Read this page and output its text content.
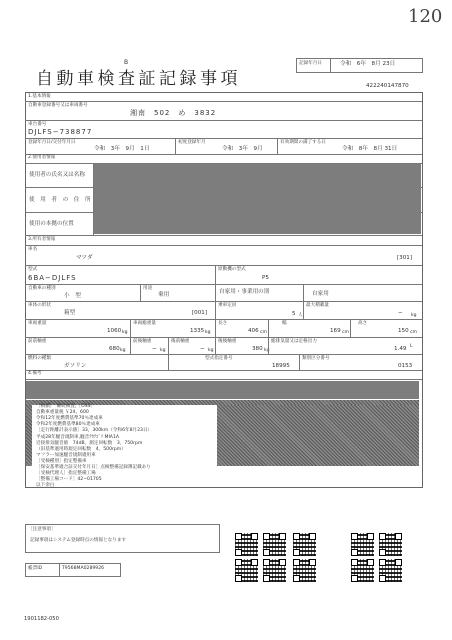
120
B
自動車検査証記録事項
記録年月日	令和　6年　8月 23日
422240147870
1.基本情報
自動車登録番号又は車両番号
湘南　502　め　3832
車台番号
DJLFS−738877
登録年月日/交付年月日
令和　3年　9月　1日
初度登録年月
令和　3年　9月
有効期間の満了する日
令和　8年　8月 31日
2.使用者情報
使用者の氏名又は名称
使　用　者　の　住　所
使用の本拠の位置
3.所有者情報
車名
マツダ	[301]
型式
6BA−DJLFS
原動機の型式
P5
自動車の種別
小　型
用途
乗用	自家用・事業用の別	自家用
車体の形状
箱型	[001]
乗車定員
5 人
最大積載量
− kg
車両重量
1060 kg
車両総重量
1335 kg
長さ
406 cm
幅
169 cm
高さ
150 cm
前前軸重
680 kg
前後軸重
− kg
後前軸重
− kg
後後軸重
380 kg
総排気量又は定格出力
1.49 L
燃料の種類
ガソリン
型式指定番号
18995
類別区分番号
0153
4.備考
［相續］　継続検査,［OSS］
自動車重量税 ￥24，600
令和12年度燃費基準70％達成車
令和2年度燃費基準80％達成車
［走行距離計表示値］33，300km（令和6年8月23日）
平成28年騒音規制車,騒音ﾃｶﾃｺﾞﾘ MIA1A
近接排気騒音値　74dB，測定回転数　3，750rpm
（旧基準適用時規定回転数　4，500rpm）
マフラー加速騒音規制適用車
［受検種別］指定整備車
［保安基準適合証交付年月日］点検整備記録簿記載あり
［受検代理人］指定整備工場
［整備工場コード］42−01705
以下余白
［注意事項］
記録事項はシステム登録時点の情報となります
帳票ID	T9568MA0289926
1901182-050
